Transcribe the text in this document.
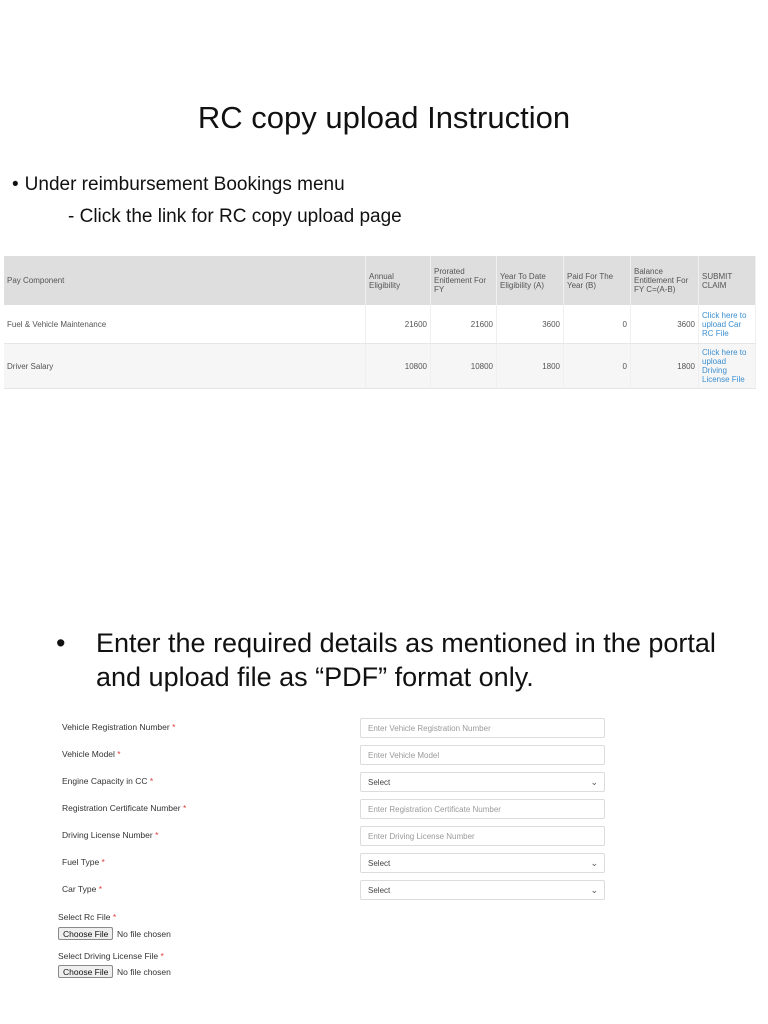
RC copy upload Instruction
• Under reimbursement Bookings menu
- Click the link for RC copy upload page
Pay Component	Annual Eligibility	Prorated Enitlement For FY	Year To Date Eligibility (A)	Paid For The Year (B)	Balance Entitlement For FY C=(A-B)	SUBMIT CLAIM
Fuel & Vehicle Maintenance	21600	21600	3600	0	3600	Click here to upload Car RC File
Driver Salary	10800	10800	1800	0	1800	Click here to upload Driving License File
• Enter the required details as mentioned in the portal and upload file as “PDF” format only.
Vehicle Registration Number *	Enter Vehicle Registration Number
Vehicle Model *	Enter Vehicle Model
Engine Capacity in CC *	Select	⌄
Registration Certificate Number *	Enter Registration Certificate Number
Driving License Number *	Enter Driving License Number
Fuel Type *	Select	⌄
Car Type *	Select	⌄
Select Rc File *
Choose File	No file chosen
Select Driving License File *
Choose File	No file chosen
